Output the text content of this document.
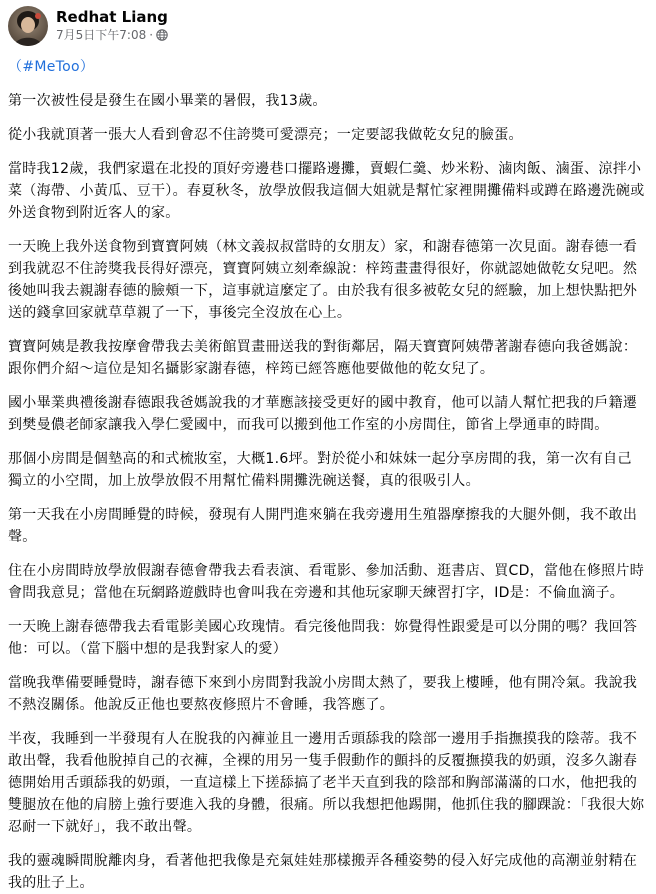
Redhat Liang
7月5日下午7:08 ·
（#MeToo）

第一次被性侵是發生在國小畢業的暑假，我13歲。

從小我就頂著一張大人看到會忍不住誇獎可愛漂亮；一定要認我做乾女兒的臉蛋。

當時我12歲，我們家還在北投的頂好旁邊巷口擺路邊攤，賣蝦仁羹、炒米粉、滷肉飯、滷蛋、涼拌小菜（海帶、小黃瓜、豆干）。春夏秋冬，放學放假我這個大姐就是幫忙家裡開攤備料或蹲在路邊洗碗或外送食物到附近客人的家。

一天晚上我外送食物到寶寶阿姨（林文義叔叔當時的女朋友）家，和謝春德第一次見面。謝春德一看到我就忍不住誇獎我長得好漂亮，寶寶阿姨立刻牽線說：梓筠畫畫得很好，你就認她做乾女兒吧。然後她叫我去親謝春德的臉頰一下，這事就這麼定了。由於我有很多被乾女兒的經驗，加上想快點把外送的錢拿回家就草草親了一下，事後完全沒放在心上。

寶寶阿姨是教我按摩會帶我去美術館買畫冊送我的對街鄰居，隔天寶寶阿姨帶著謝春德向我爸媽說：跟你們介紹～這位是知名攝影家謝春德，梓筠已經答應他要做他的乾女兒了。

國小畢業典禮後謝春德跟我爸媽說我的才華應該接受更好的國中教育，他可以請人幫忙把我的戶籍遷到樊曼儂老師家讓我入學仁愛國中，而我可以搬到他工作室的小房間住，節省上學通車的時間。

那個小房間是個墊高的和式梳妝室，大概1.6坪。對於從小和妹妹一起分享房間的我，第一次有自己獨立的小空間，加上放學放假不用幫忙備料開攤洗碗送餐，真的很吸引人。

第一天我在小房間睡覺的時候，發現有人開門進來躺在我旁邊用生殖器摩擦我的大腿外側，我不敢出聲。

住在小房間時放學放假謝春德會帶我去看表演、看電影、參加活動、逛書店、買CD，當他在修照片時會問我意見；當他在玩網路遊戲時也會叫我在旁邊和其他玩家聊天練習打字，ID是：不倫血滴子。

一天晚上謝春德帶我去看電影美國心玫瑰情。看完後他問我：妳覺得性跟愛是可以分開的嗎？我回答他：可以。（當下腦中想的是我對家人的愛）

當晚我準備要睡覺時，謝春德下來到小房間對我說小房間太熱了，要我上樓睡，他有開冷氣。我說我不熱沒關係。他說反正他也要熬夜修照片不會睡，我答應了。

半夜，我睡到一半發現有人在脫我的內褲並且一邊用舌頭舔我的陰部一邊用手指撫摸我的陰蒂。我不敢出聲，我看他脫掉自己的衣褲，全裸的用另一隻手假動作的顫抖的反覆撫摸我的奶頭，沒多久謝春德開始用舌頭舔我的奶頭，一直這樣上下搓舔搞了老半天直到我的陰部和胸部滿滿的口水，他把我的雙腿放在他的肩膀上強行要進入我的身體，很痛。所以我想把他踢開，他抓住我的腳踝說：「我很大妳忍耐一下就好」，我不敢出聲。

我的靈魂瞬間脫離肉身，看著他把我像是充氣娃娃那樣搬弄各種姿勢的侵入好完成他的高潮並射精在我的肚子上。
